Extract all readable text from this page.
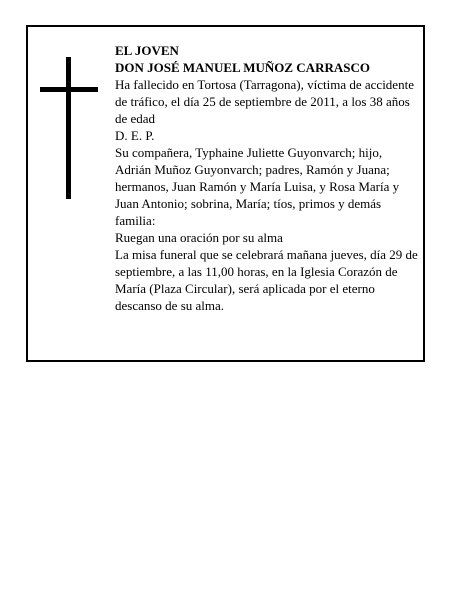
EL JOVEN

DON JOSÉ MANUEL MUÑOZ CARRASCO

Ha fallecido en Tortosa (Tarragona), víctima de accidente de tráfico, el día 25 de septiembre de 2011, a los 38 años de edad

D. E. P.

Su compañera, Typhaine Juliette Guyonvarch; hijo, Adrián Muñoz Guyonvarch; padres, Ramón y Juana; hermanos, Juan Ramón y María Luisa, y Rosa María y Juan Antonio; sobrina, María; tíos, primos y demás familia:

Ruegan una oración por su alma

La misa funeral que se celebrará mañana jueves, día 29 de septiembre, a las 11,00 horas, en la Iglesia Corazón de María (Plaza Circular), será aplicada por el eterno descanso de su alma.
